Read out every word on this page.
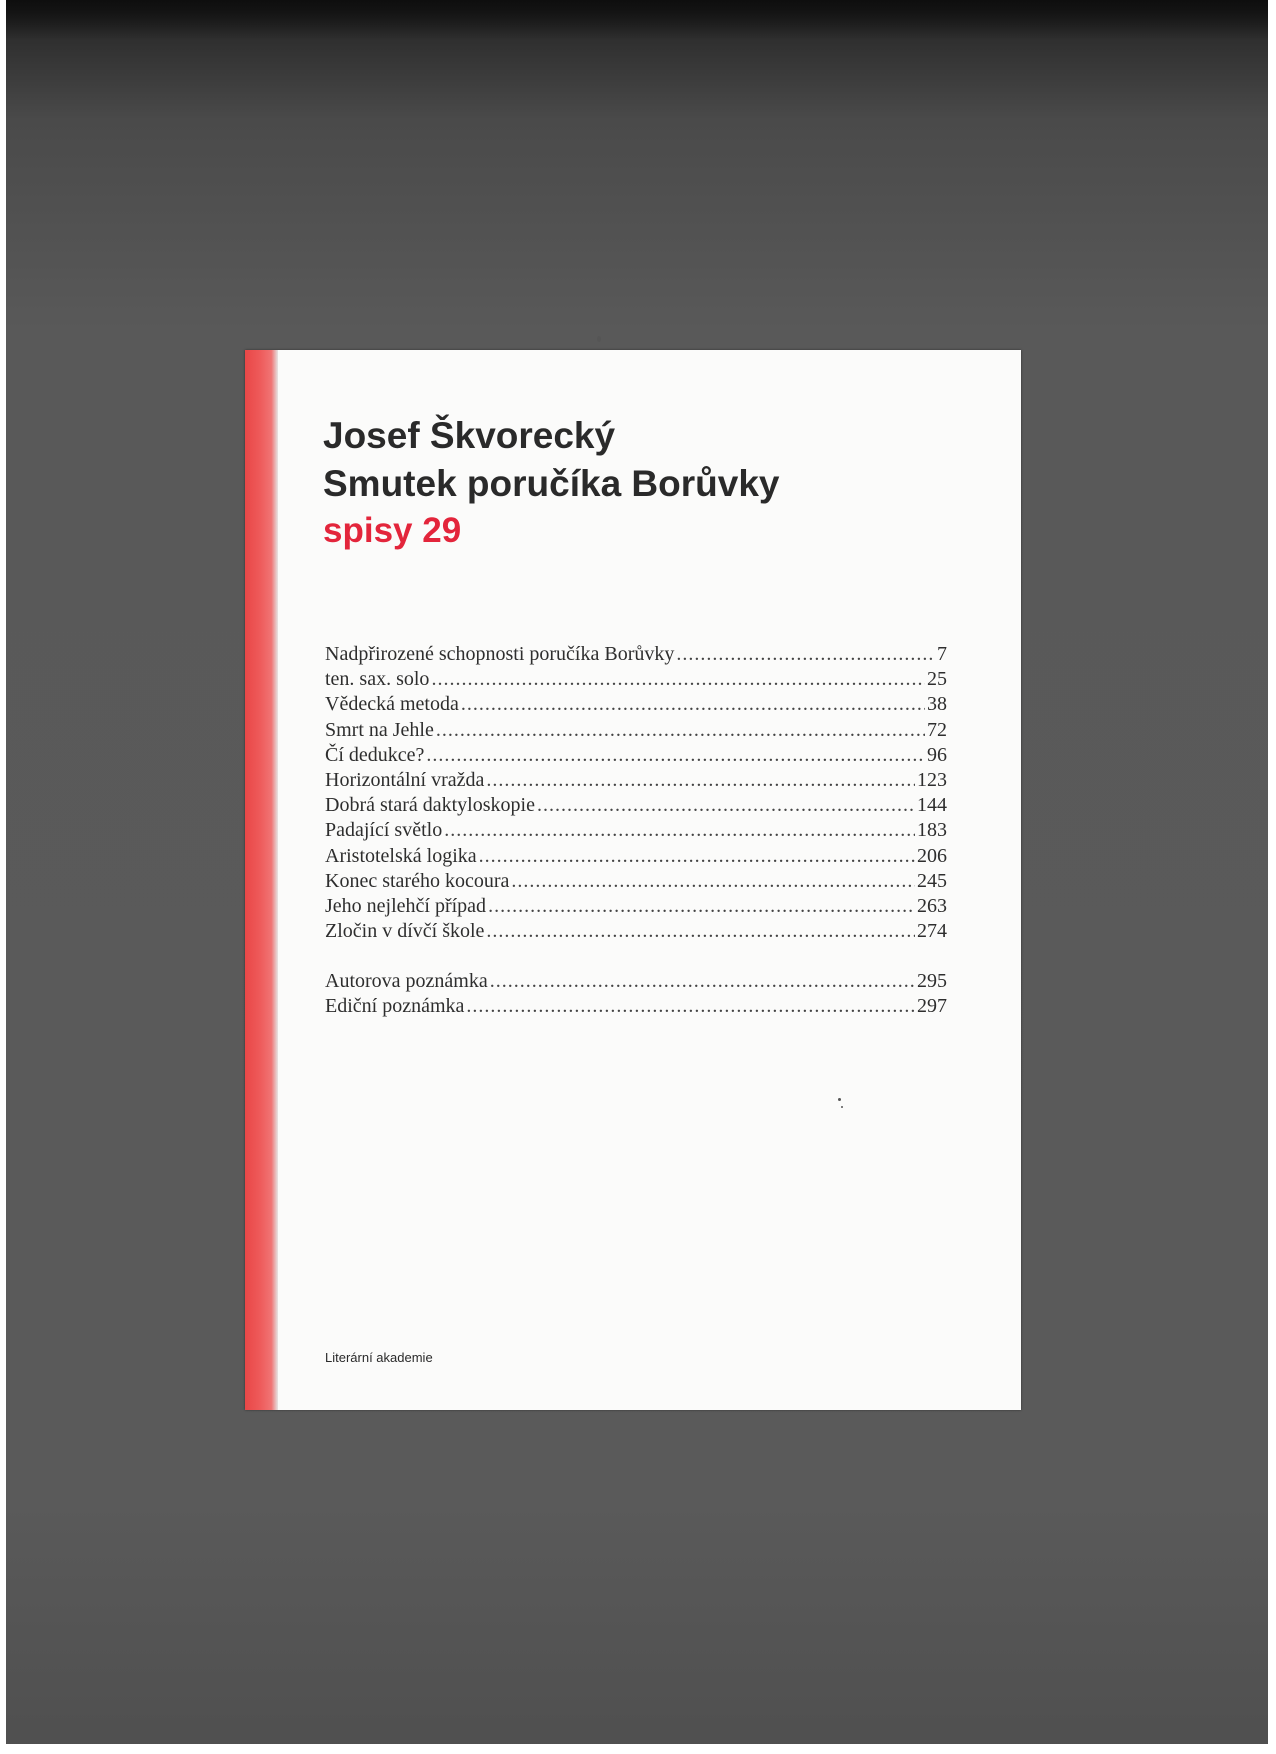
Josef Škvorecký
Smutek poručíka Borůvky
spisy 29
Nadpřirozené schopnosti poručíka Borůvky .....	7
ten. sax. solo .....	25
Vědecká metoda .....	38
Smrt na Jehle .....	72
Čí dedukce? .....	96
Horizontální vražda .....	123
Dobrá stará daktyloskopie .....	144
Padající světlo .....	183
Aristotelská logika .....	206
Konec starého kocoura .....	245
Jeho nejlehčí případ .....	263
Zločin v dívčí škole .....	274
Autorova poznámka .....	295
Ediční poznámka .....	297
Literární akademie
